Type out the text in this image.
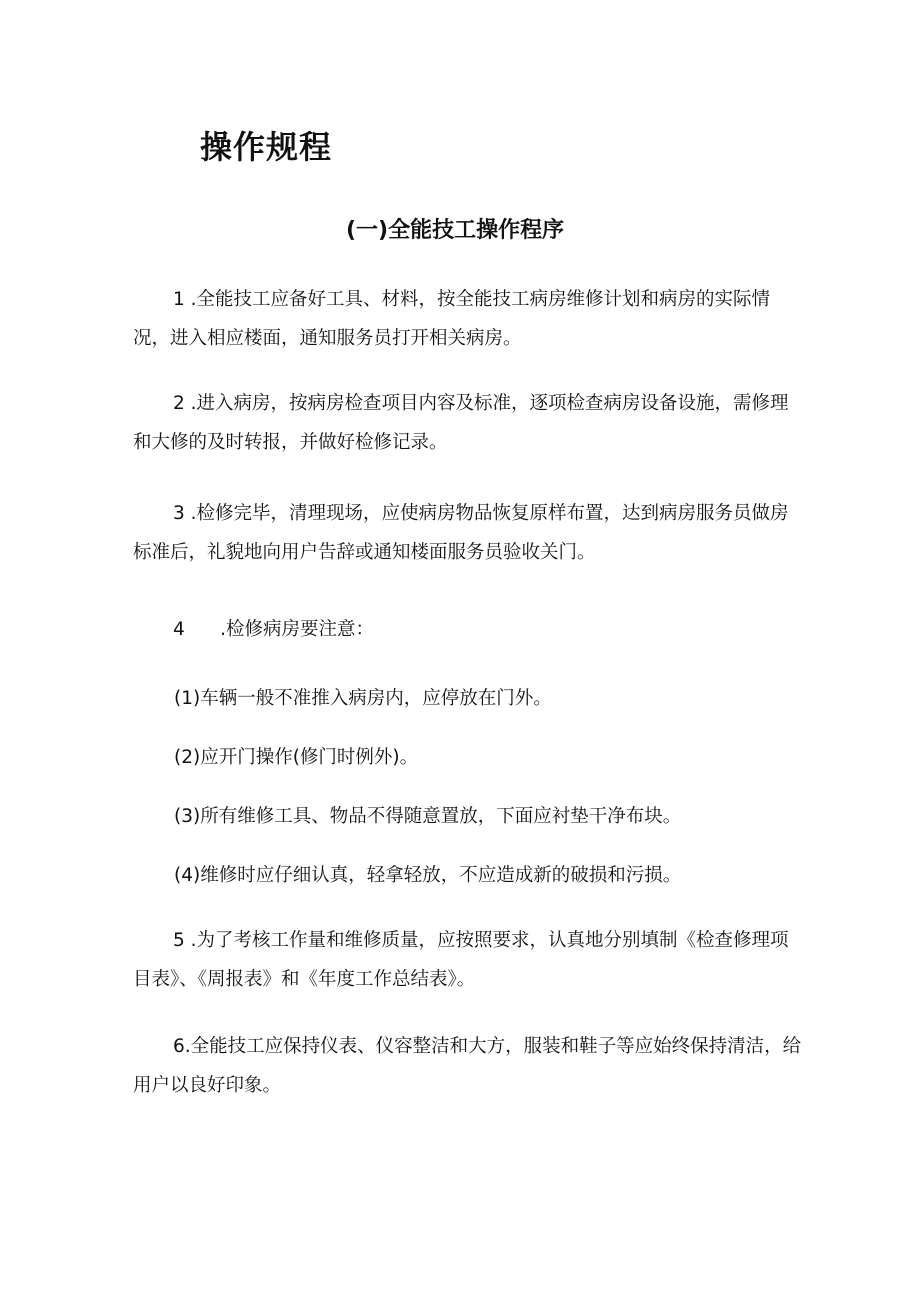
操作规程
(一)全能技工操作程序

1 .全能技工应备好工具、材料，按全能技工病房维修计划和病房的实际情况，进入相应楼面，通知服务员打开相关病房。

2 .进入病房，按病房检查项目内容及标准，逐项检查病房设备设施，需修理和大修的及时转报，并做好检修记录。

3 .检修完毕，清理现场，应使病房物品恢复原样布置，达到病房服务员做房标准后，礼貌地向用户告辞或通知楼面服务员验收关门。

4      .检修病房要注意：

(1)车辆一般不准推入病房内，应停放在门外。

(2)应开门操作(修门时例外)。

(3)所有维修工具、物品不得随意置放，下面应衬垫干净布块。

(4)维修时应仔细认真，轻拿轻放，不应造成新的破损和污损。

5 .为了考核工作量和维修质量，应按照要求，认真地分别填制《检查修理项目表》、《周报表》和《年度工作总结表》。

6.全能技工应保持仪表、仪容整洁和大方，服装和鞋子等应始终保持清洁，给用户以良好印象。
